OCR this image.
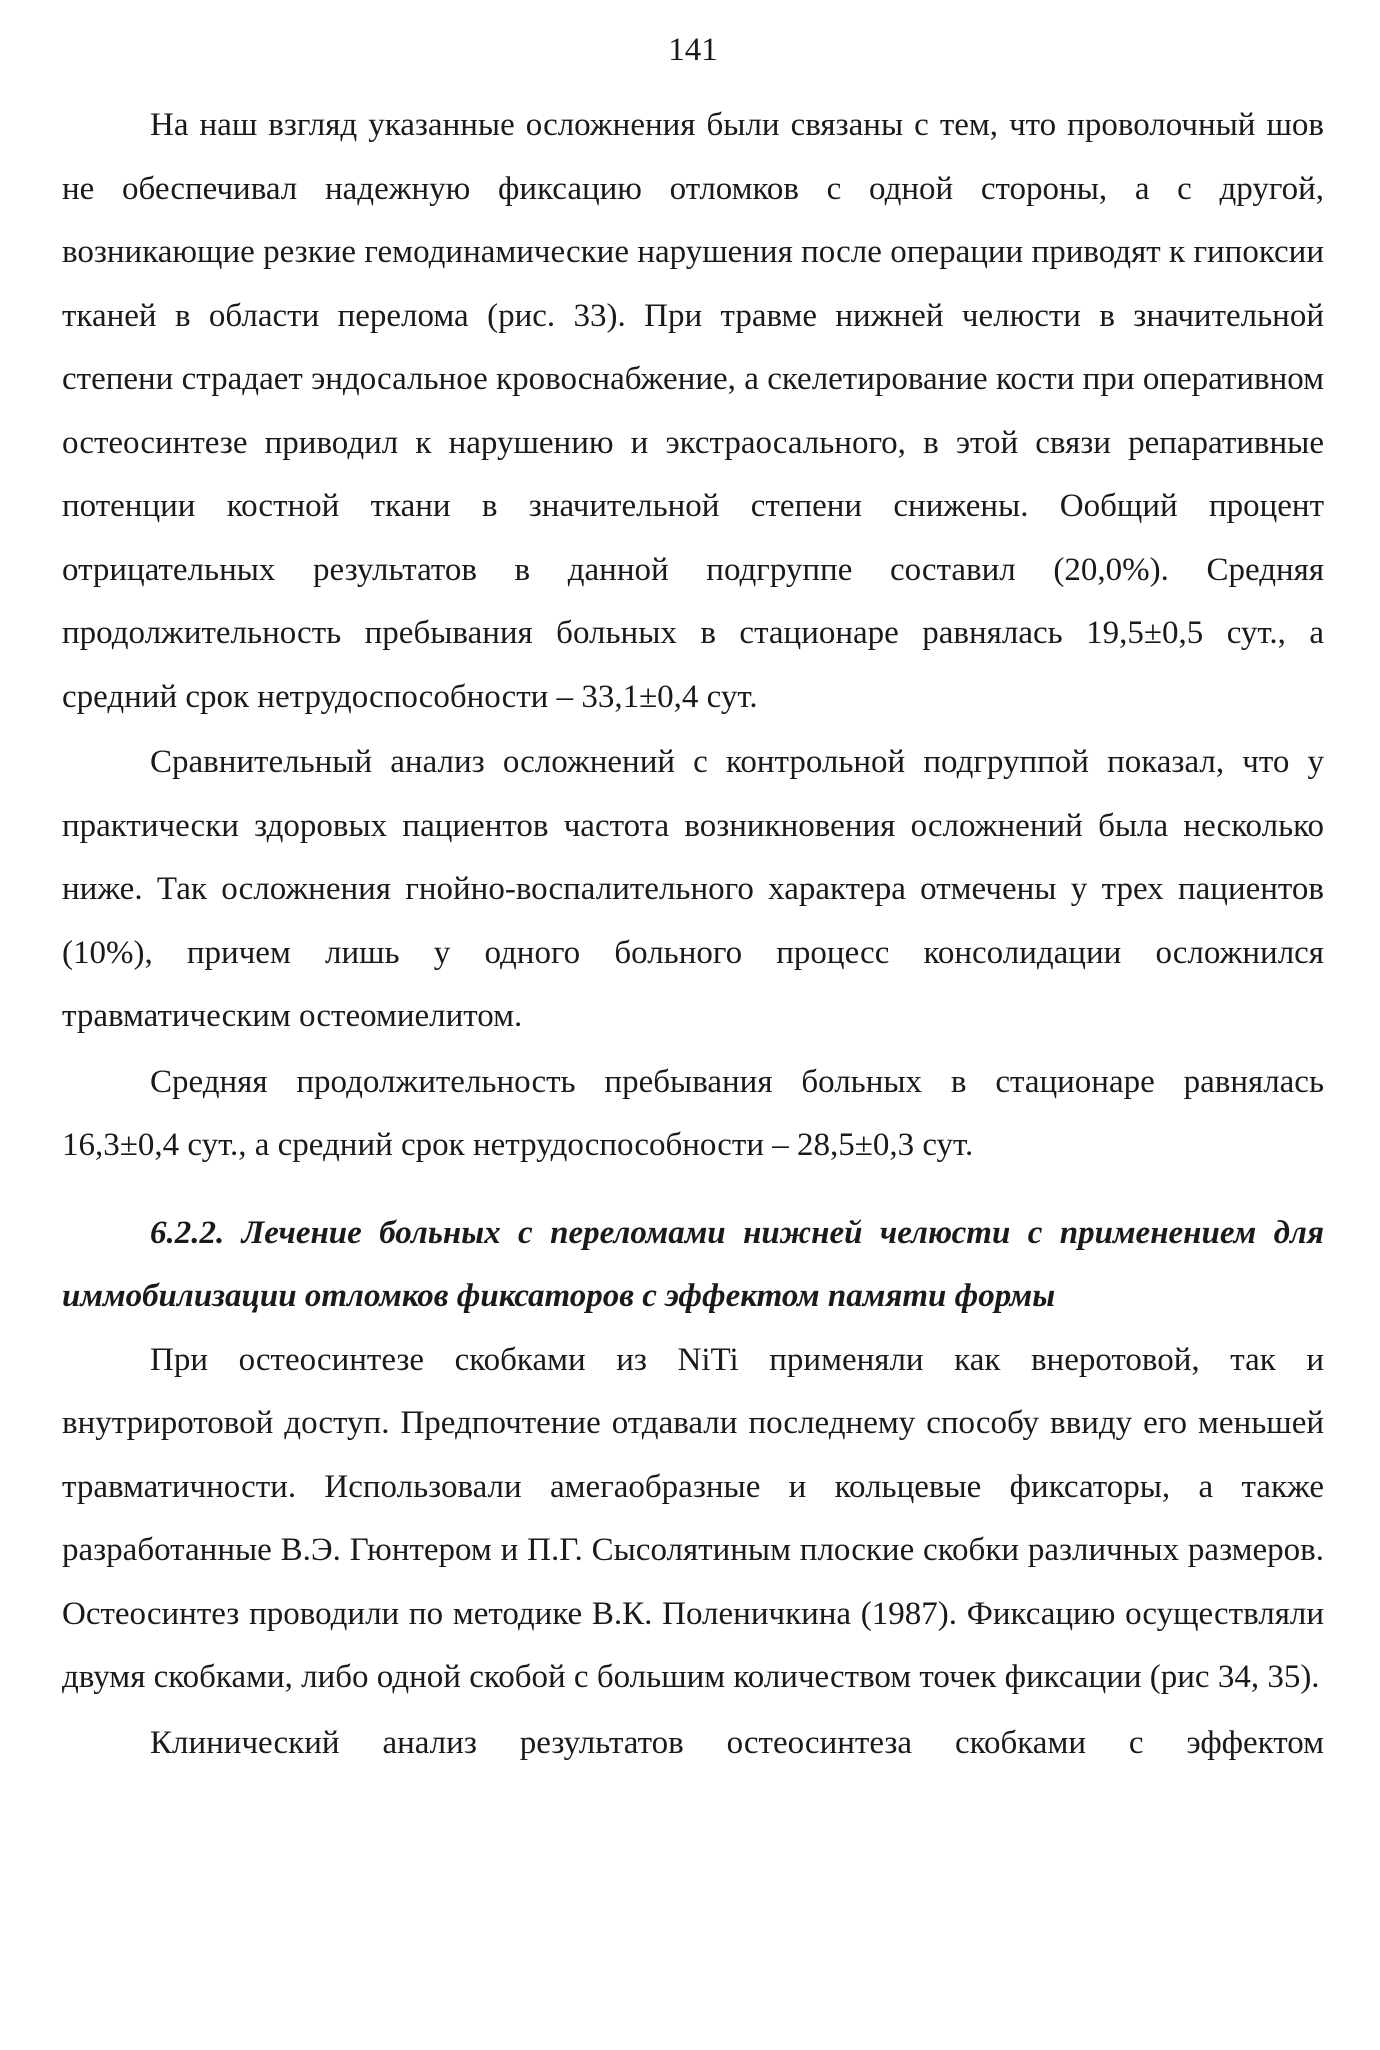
141

На наш взгляд указанные осложнения были связаны с тем, что проволочный шов не обеспечивал надежную фиксацию отломков с одной стороны, а с другой, возникающие резкие гемодинамические нарушения после операции приводят к гипоксии тканей в области перелома (рис. 33). При травме нижней челюсти в значительной степени страдает эндосальное кровоснабжение, а скелетирование кости при оперативном остеосинтезе приводил к нарушению и экстраосального, в этой связи репаративные потенции костной ткани в значительной степени снижены. Ообщий процент отрицательных результатов в данной подгруппе составил (20,0%). Средняя продолжительность пребывания больных в стационаре равнялась 19,5±0,5 сут., а средний срок нетрудоспособности – 33,1±0,4 сут.

Сравнительный анализ осложнений с контрольной подгруппой показал, что у практически здоровых пациентов частота возникновения осложнений была несколько ниже. Так осложнения гнойно-воспалительного характера отмечены у трех пациентов (10%), причем лишь у одного больного процесс консолидации осложнился травматическим остеомиелитом.

Средняя продолжительность пребывания больных в стационаре равнялась 16,3±0,4 сут., а средний срок нетрудоспособности – 28,5±0,3 сут.

6.2.2. Лечение больных с переломами нижней челюсти с применением для иммобилизации отломков фиксаторов с эффектом памяти формы

При остеосинтезе скобками из NiTi применяли как внеротовой, так и внутриротовой доступ. Предпочтение отдавали последнему способу ввиду его меньшей травматичности. Использовали амегаобразные и кольцевые фиксаторы, а также разработанные В.Э. Гюнтером и П.Г. Сысолятиным плоские скобки различных размеров. Остеосинтез проводили по методике В.К. Поленичкина (1987). Фиксацию осуществляли двумя скобками, либо одной скобой с большим количеством точек фиксации (рис 34, 35).

Клинический анализ результатов остеосинтеза скобками с эффектом
